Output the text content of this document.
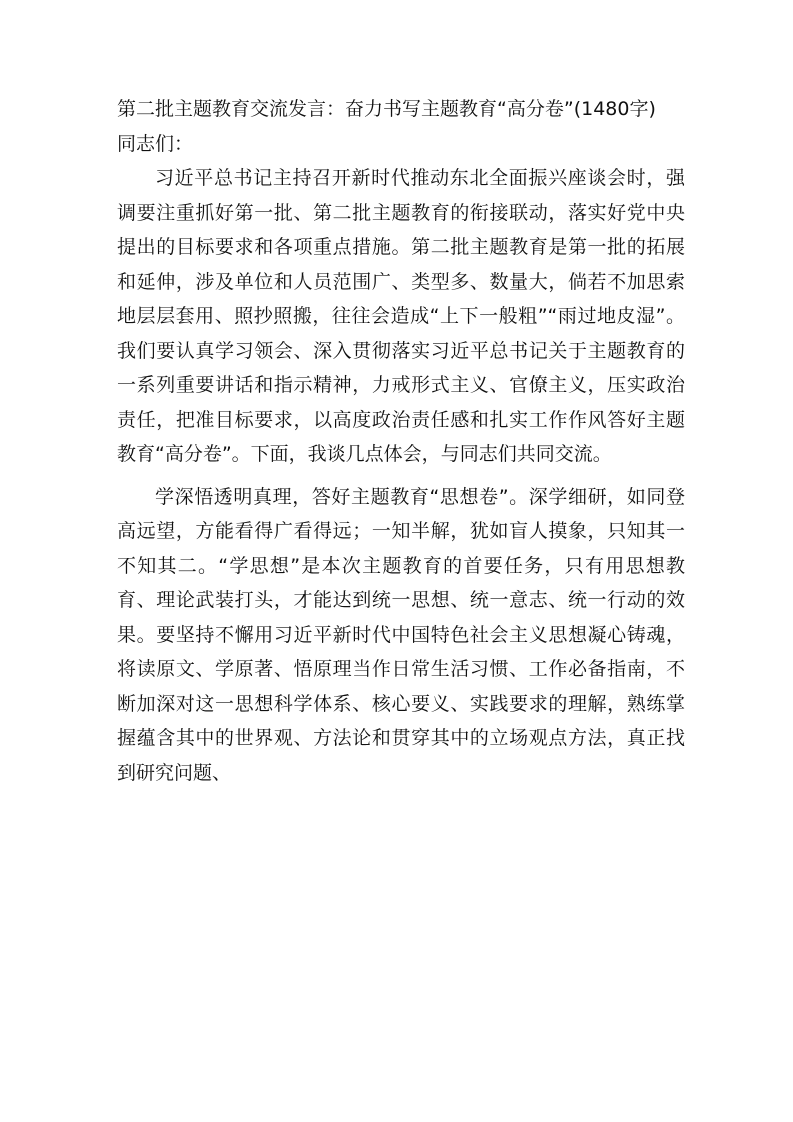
第二批主题教育交流发言：奋力书写主题教育“高分卷”(1480字)

同志们：

习近平总书记主持召开新时代推动东北全面振兴座谈会时，强调要注重抓好第一批、第二批主题教育的衔接联动，落实好党中央提出的目标要求和各项重点措施。第二批主题教育是第一批的拓展和延伸，涉及单位和人员范围广、类型多、数量大，倘若不加思索地层层套用、照抄照搬，往往会造成“上下一般粗”“雨过地皮湿”。我们要认真学习领会、深入贯彻落实习近平总书记关于主题教育的一系列重要讲话和指示精神，力戒形式主义、官僚主义，压实政治责任，把准目标要求，以高度政治责任感和扎实工作作风答好主题教育“高分卷”。下面，我谈几点体会，与同志们共同交流。

学深悟透明真理，答好主题教育“思想卷”。深学细研，如同登高远望，方能看得广看得远；一知半解，犹如盲人摸象，只知其一不知其二。“学思想”是本次主题教育的首要任务，只有用思想教育、理论武装打头，才能达到统一思想、统一意志、统一行动的效果。要坚持不懈用习近平新时代中国特色社会主义思想凝心铸魂，将读原文、学原著、悟原理当作日常生活习惯、工作必备指南，不断加深对这一思想科学体系、核心要义、实践要求的理解，熟练掌握蕴含其中的世界观、方法论和贯穿其中的立场观点方法，真正找到研究问题、
